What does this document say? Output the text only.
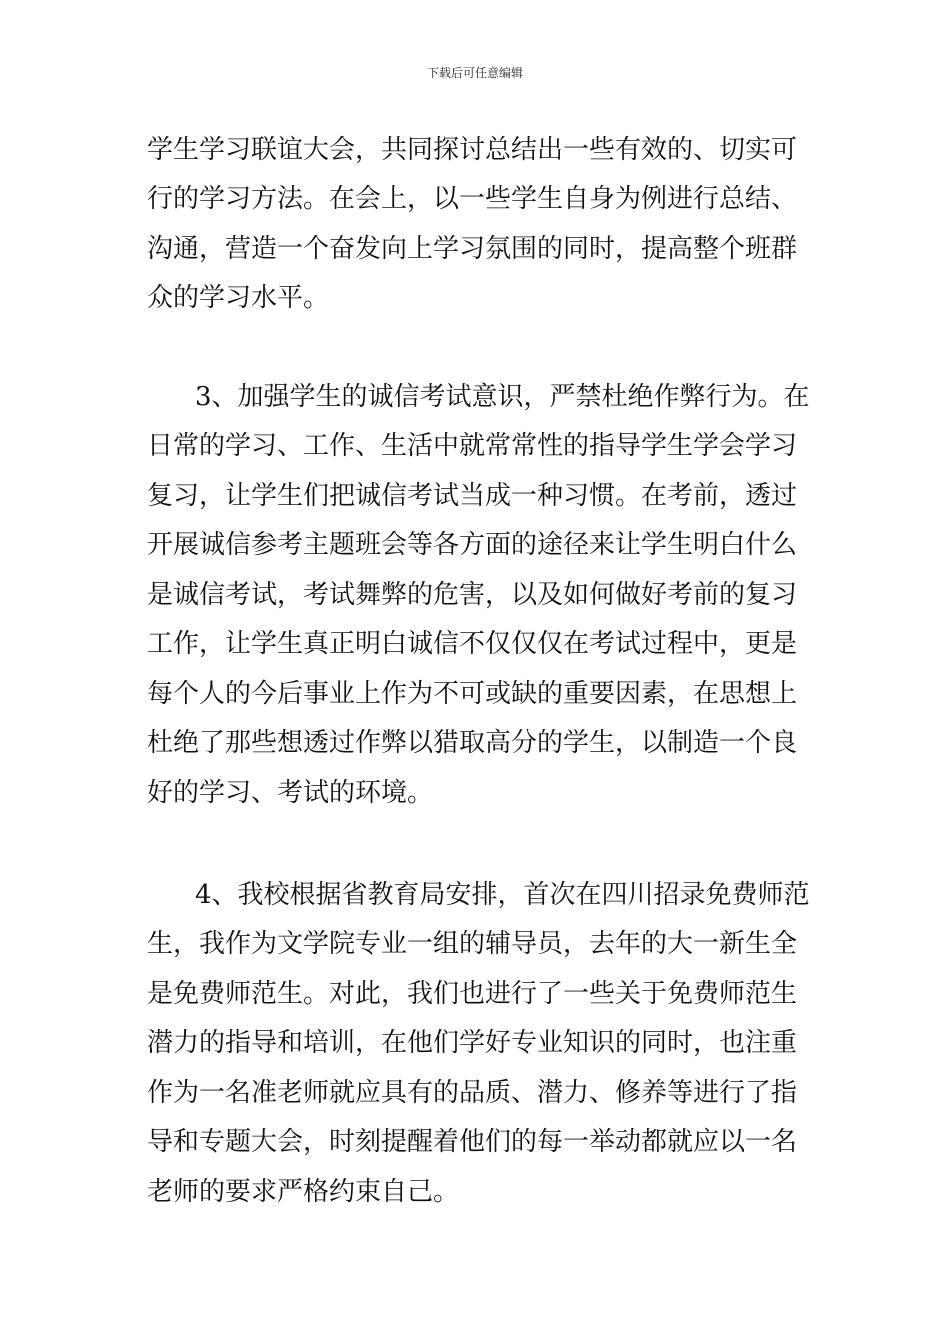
下载后可任意编辑
学生学习联谊大会，共同探讨总结出一些有效的、切实可
行的学习方法。在会上，以一些学生自身为例进行总结、
沟通，营造一个奋发向上学习氛围的同时，提高整个班群
众的学习水平。
3、加强学生的诚信考试意识，严禁杜绝作弊行为。在
日常的学习、工作、生活中就常常性的指导学生学会学习
复习，让学生们把诚信考试当成一种习惯。在考前，透过
开展诚信参考主题班会等各方面的途径来让学生明白什么
是诚信考试，考试舞弊的危害，以及如何做好考前的复习
工作，让学生真正明白诚信不仅仅仅在考试过程中，更是
每个人的今后事业上作为不可或缺的重要因素，在思想上
杜绝了那些想透过作弊以猎取高分的学生，以制造一个良
好的学习、考试的环境。
4、我校根据省教育局安排，首次在四川招录免费师范
生，我作为文学院专业一组的辅导员，去年的大一新生全
是免费师范生。对此，我们也进行了一些关于免费师范生
潜力的指导和培训，在他们学好专业知识的同时，也注重
作为一名准老师就应具有的品质、潜力、修养等进行了指
导和专题大会，时刻提醒着他们的每一举动都就应以一名
老师的要求严格约束自己。
